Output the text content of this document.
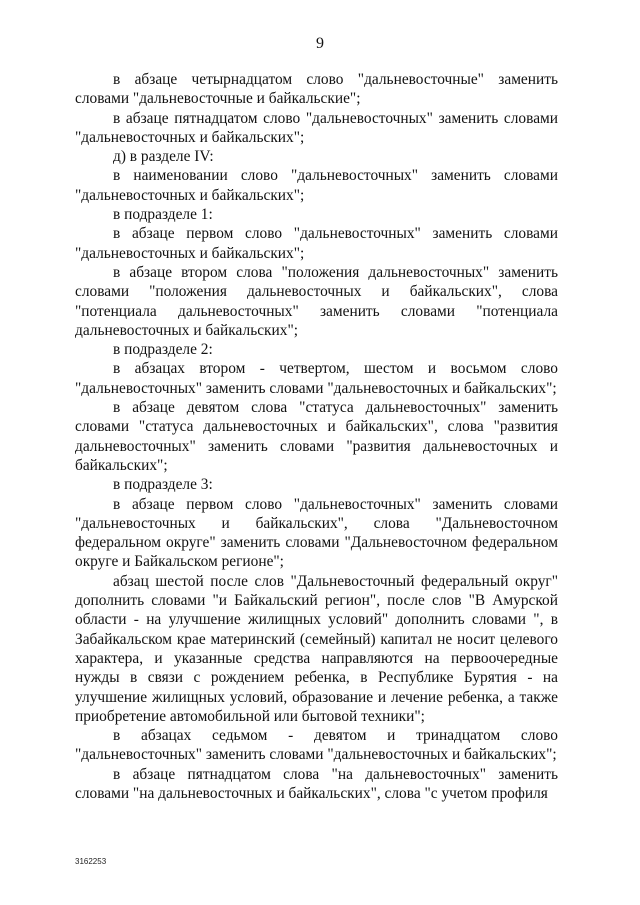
9

в абзаце четырнадцатом слово "дальневосточные" заменить словами "дальневосточные и байкальские";

в абзаце пятнадцатом слово "дальневосточных" заменить словами "дальневосточных и байкальских";

д) в разделе IV:

в наименовании слово "дальневосточных" заменить словами "дальневосточных и байкальских";

в подразделе 1:

в абзаце первом слово "дальневосточных" заменить словами "дальневосточных и байкальских";

в абзаце втором слова "положения дальневосточных" заменить словами "положения дальневосточных и байкальских", слова "потенциала дальневосточных" заменить словами "потенциала дальневосточных и байкальских";

в подразделе 2:

в абзацах втором - четвертом, шестом и восьмом слово "дальневосточных" заменить словами "дальневосточных и байкальских";

в абзаце девятом слова "статуса дальневосточных" заменить словами "статуса дальневосточных и байкальских", слова "развития дальневосточных" заменить словами "развития дальневосточных и байкальских";

в подразделе 3:

в абзаце первом слово "дальневосточных" заменить словами "дальневосточных и байкальских", слова "Дальневосточном федеральном округе" заменить словами "Дальневосточном федеральном округе и Байкальском регионе";

абзац шестой после слов "Дальневосточный федеральный округ" дополнить словами "и Байкальский регион", после слов "В Амурской области - на улучшение жилищных условий" дополнить словами ", в Забайкальском крае материнский (семейный) капитал не носит целевого характера, и указанные средства направляются на первоочередные нужды в связи с рождением ребенка, в Республике Бурятия - на улучшение жилищных условий, образование и лечение ребенка, а также приобретение автомобильной или бытовой техники";

в абзацах седьмом - девятом и тринадцатом слово "дальневосточных" заменить словами "дальневосточных и байкальских";

в абзаце пятнадцатом слова "на дальневосточных" заменить словами "на дальневосточных и байкальских", слова "с учетом профиля

3162253
